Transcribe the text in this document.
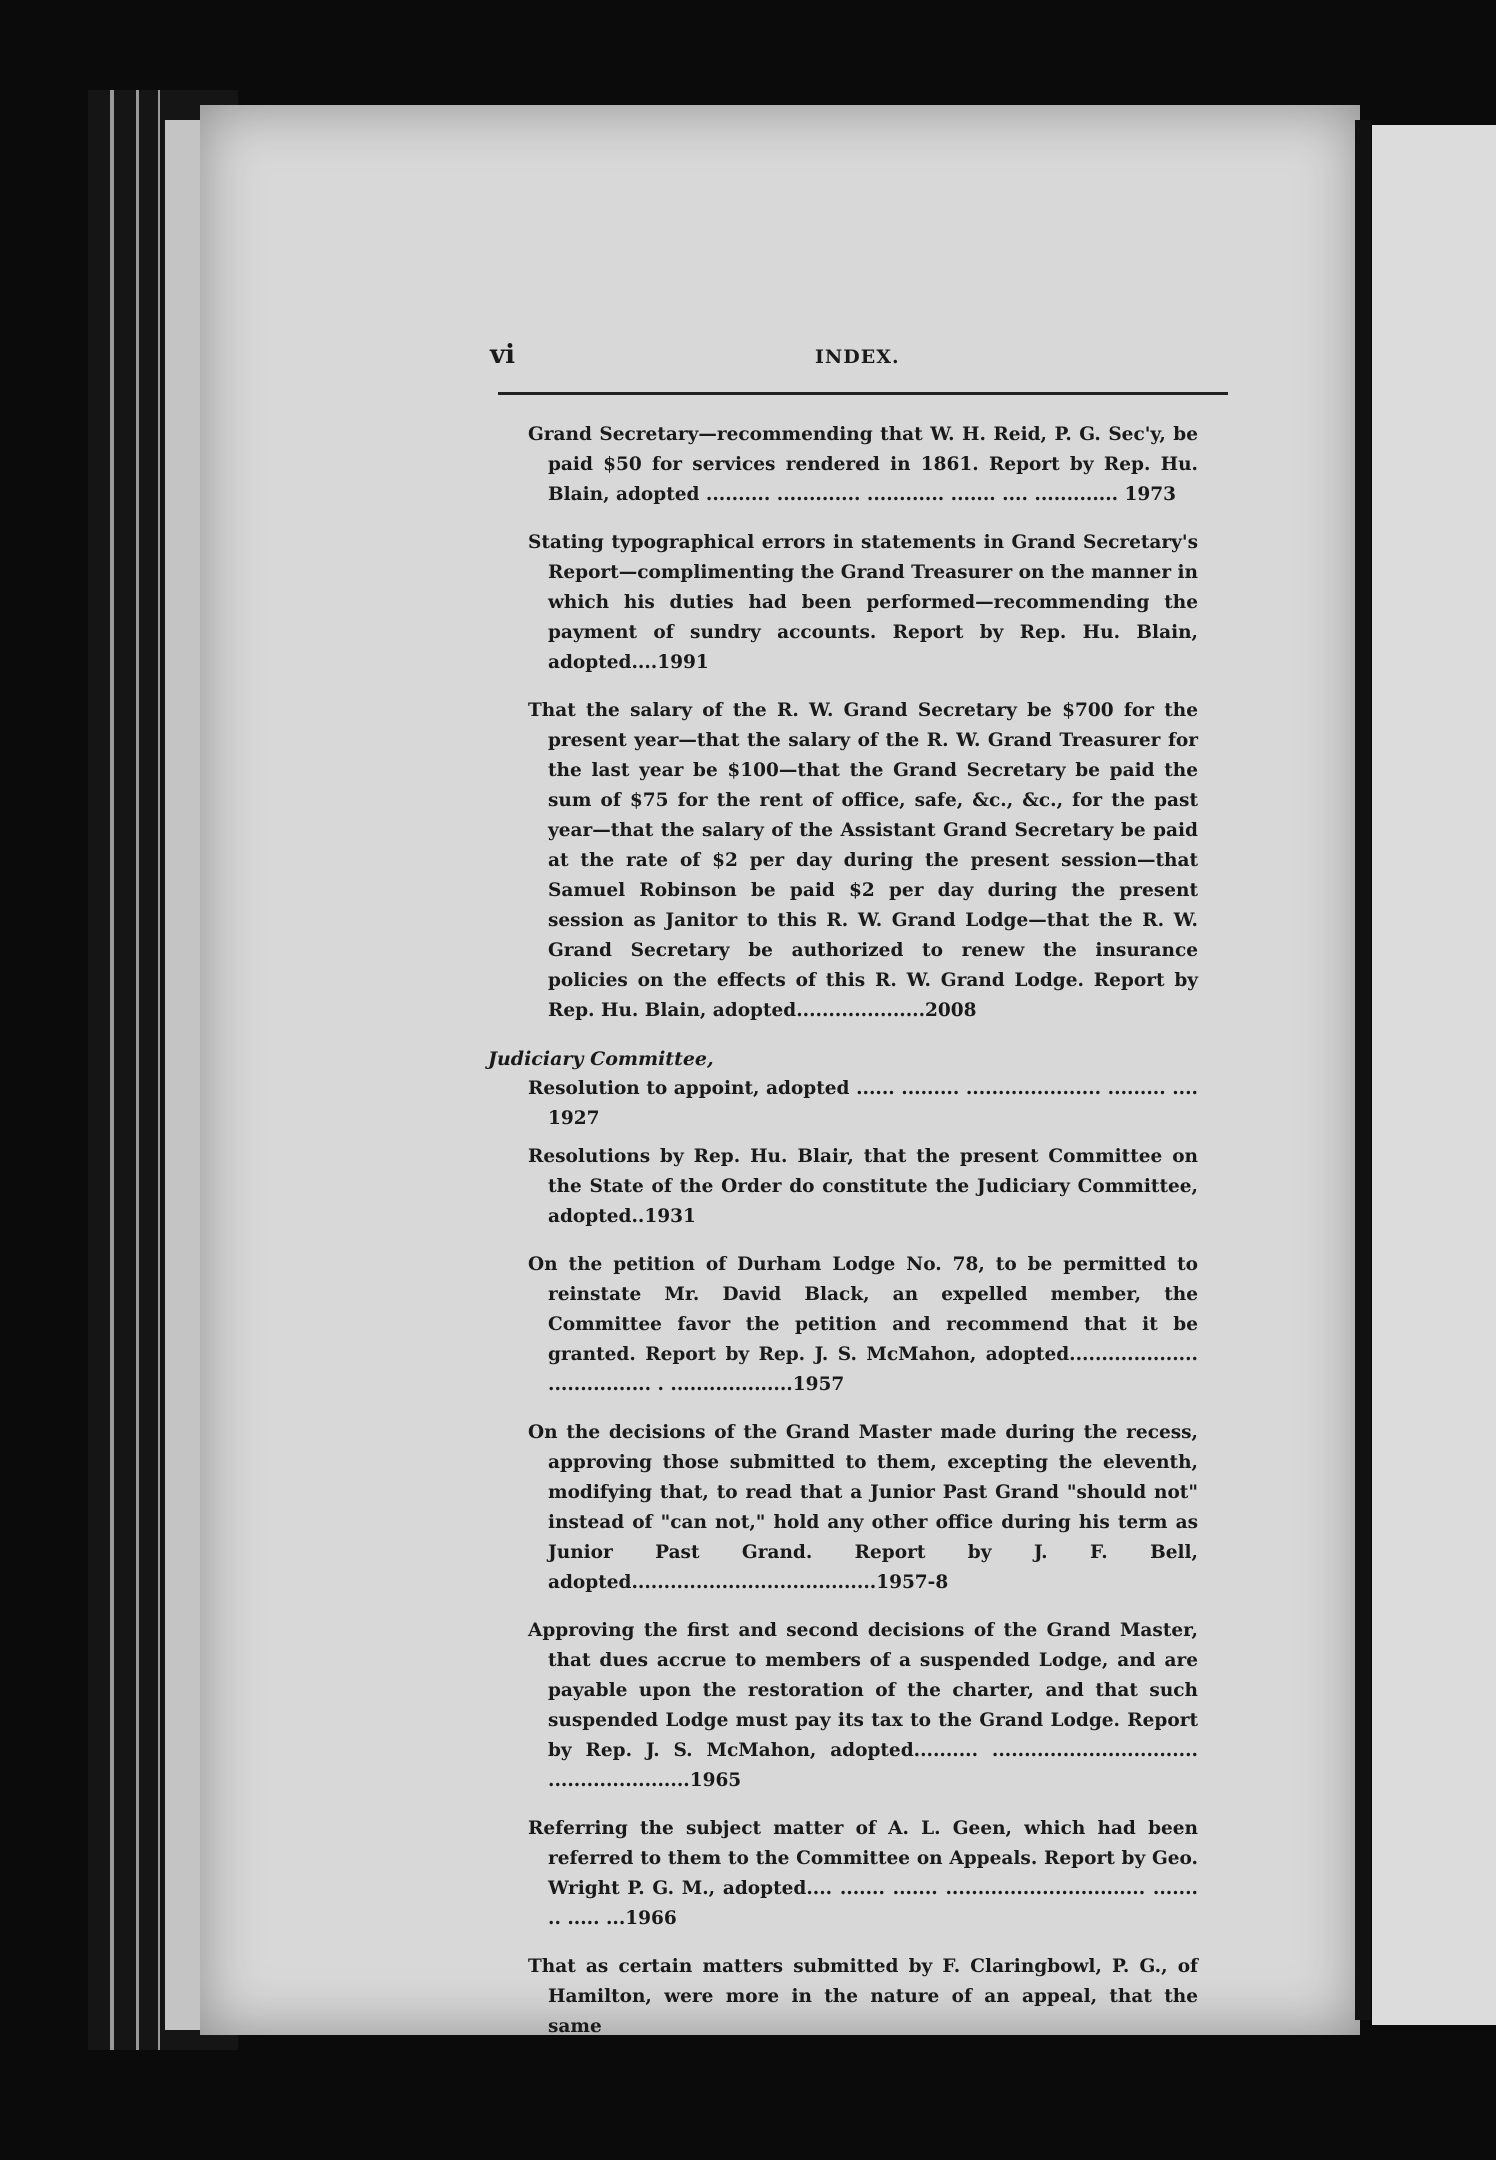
vi	INDEX.

Grand Secretary—recommending that W. H. Reid, P. G. Sec'y, be paid $50 for services rendered in 1861. Report by Rep. Hu. Blain, adopted .......... ............. ............ ....... .... ............. 1973

Stating typographical errors in statements in Grand Secretary's Report—complimenting the Grand Treasurer on the manner in which his duties had been performed—recommending the payment of sundry accounts. Report by Rep. Hu. Blain, adopted....1991

That the salary of the R. W. Grand Secretary be $700 for the present year—that the salary of the R. W. Grand Treasurer for the last year be $100—that the Grand Secretary be paid the sum of $75 for the rent of office, safe, &c., &c., for the past year—that the salary of the Assistant Grand Secretary be paid at the rate of $2 per day during the present session—that Samuel Robinson be paid $2 per day during the present session as Janitor to this R. W. Grand Lodge—that the R. W. Grand Secretary be authorized to renew the insurance policies on the effects of this R. W. Grand Lodge. Report by Rep. Hu. Blain, adopted....................2008

Judiciary Committee,

Resolution to appoint, adopted ...... ......... ..................... ......... .... 1927

Resolutions by Rep. Hu. Blair, that the present Committee on the State of the Order do constitute the Judiciary Committee, adopted..1931

On the petition of Durham Lodge No. 78, to be permitted to reinstate Mr. David Black, an expelled member, the Committee favor the petition and recommend that it be granted. Report by Rep. J. S. McMahon, adopted.................... ................ . ...................1957

On the decisions of the Grand Master made during the recess, approving those submitted to them, excepting the eleventh, modifying that, to read that a Junior Past Grand "should not" instead of "can not," hold any other office during his term as Junior Past Grand. Report by J. F. Bell, adopted......................................1957-8

Approving the first and second decisions of the Grand Master, that dues accrue to members of a suspended Lodge, and are payable upon the restoration of the charter, and that such suspended Lodge must pay its tax to the Grand Lodge. Report by Rep. J. S. McMahon, adopted.......... ................................ ......................1965

Referring the subject matter of A. L. Geen, which had been referred to them to the Committee on Appeals. Report by Geo. Wright P. G. M., adopted.... ....... ....... ............................... ....... .. ..... ...1966

That as certain matters submitted by F. Claringbowl, P. G., of Hamilton, were more in the nature of an appeal, that the same
